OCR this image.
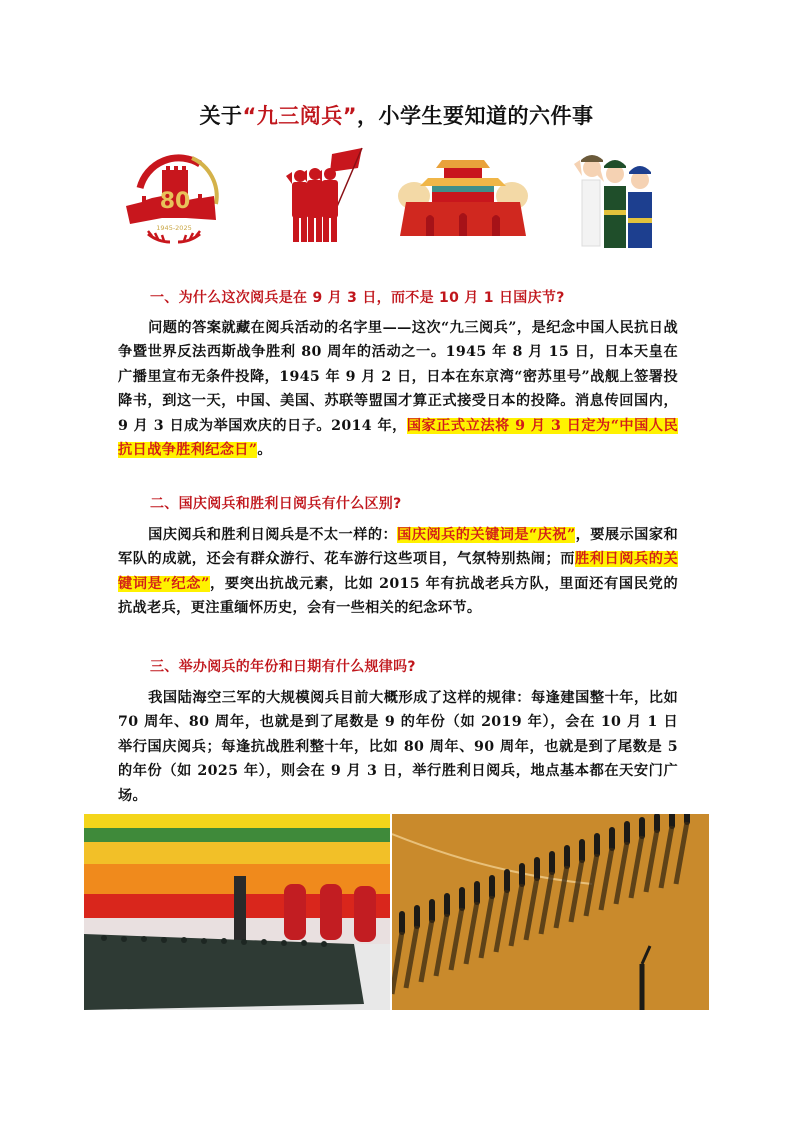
关于“九三阅兵”，小学生要知道的六件事
80
1945-2025
一、为什么这次阅兵是在 9 月 3 日，而不是 10 月 1 日国庆节?
问题的答案就藏在阅兵活动的名字里——这次“九三阅兵”，是纪念中国人民抗日战争暨世界反法西斯战争胜利 80 周年的活动之一。1945 年 8 月 15 日，日本天皇在广播里宣布无条件投降，1945 年 9 月 2 日，日本在东京湾“密苏里号”战舰上签署投降书，到这一天，中国、美国、苏联等盟国才算正式接受日本的投降。消息传回国内，9 月 3 日成为举国欢庆的日子。2014 年，国家正式立法将 9 月 3 日定为“中国人民抗日战争胜利纪念日”。
二、国庆阅兵和胜利日阅兵有什么区别?
国庆阅兵和胜利日阅兵是不太一样的：国庆阅兵的关键词是“庆祝”，要展示国家和军队的成就，还会有群众游行、花车游行这些项目，气氛特别热闹；而胜利日阅兵的关键词是“纪念”，要突出抗战元素，比如 2015 年有抗战老兵方队，里面还有国民党的抗战老兵，更注重缅怀历史，会有一些相关的纪念环节。
三、举办阅兵的年份和日期有什么规律吗?
我国陆海空三军的大规模阅兵目前大概形成了这样的规律：每逢建国整十年，比如 70 周年、80 周年，也就是到了尾数是 9 的年份（如 2019 年），会在 10 月 1 日举行国庆阅兵；每逢抗战胜利整十年，比如 80 周年、90 周年，也就是到了尾数是 5 的年份（如 2025 年），则会在 9 月 3 日，举行胜利日阅兵，地点基本都在天安门广场。
